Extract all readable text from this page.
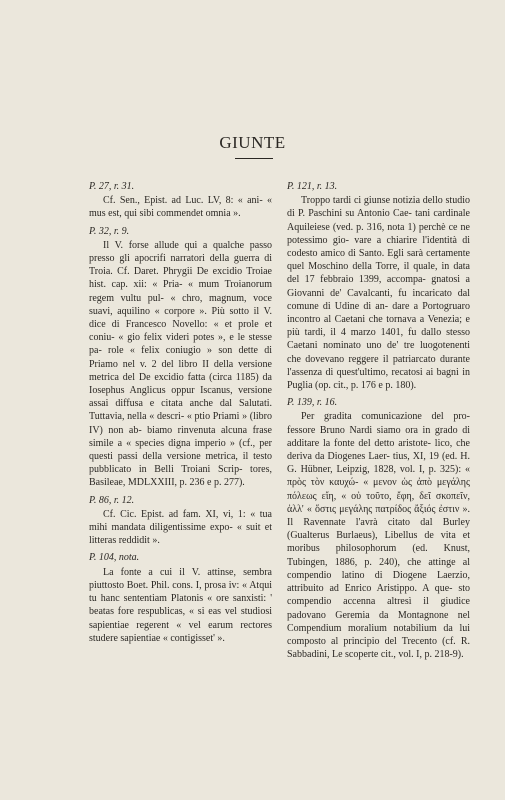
GIUNTE

P. 27, r. 31.

Cf. Sen., Epist. ad Luc. LV, 8: « ani- « mus est, qui sibi commendet omnia ».

P. 32, r. 9.

Il V. forse allude qui a qualche passo presso gli apocrifi narratori della guerra di Troia. Cf. Daret. Phrygii De excidio Troiae hist. cap. xii: « Pria- « mum Troianorum regem vultu pul- « chro, magnum, voce suavi, aquilino « corpore ». Più sotto il V. dice di Francesco Novello: « et prole et coniu- « gio felix videri potes », e le stesse pa- role « felix coniugio » son dette di Priamo nel v. 2 del libro II della versione metrica del De excidio fatta (circa 1185) da Iosephus Anglicus oppur Iscanus, versione assai diffusa e citata anche dal Salutati. Tuttavia, nella « descri- « ptio Priami » (libro IV) non ab- biamo rinvenuta alcuna frase simile a « species digna imperio » (cf., per questi passi della versione metrica, il testo pubblicato in Belli Troiani Scrip- tores, Basileae, MDLXXIII, p. 236 e p. 277).

P. 86, r. 12.

Cf. Cic. Epist. ad fam. XI, vi, 1: « tua mihi mandata diligentissime expo- « suit et litteras reddidit ».

P. 104, nota.

La fonte a cui il V. attinse, sembra piuttosto Boet. Phil. cons. I, prosa iv: « Atqui tu hanc sententiam Platonis « ore sanxisti: ' beatas fore respublicas, « si eas vel studiosi sapientiae regerent « vel earum rectores studere sapientiae « contigisset' ».

P. 121, r. 13.

Troppo tardi ci giunse notizia dello studio di P. Paschini su Antonio Cae- tani cardinale Aquileiese (ved. p. 316, nota 1) perchè ce ne potessimo gio- vare a chiarire l'identità di codesto amico di Santo. Egli sarà certamente quel Moschino della Torre, il quale, in data del 17 febbraio 1399, accompa- gnatosi a Giovanni de' Cavalcanti, fu incaricato dal comune di Udine di an- dare a Portogruaro incontro al Caetani che tornava a Venezia; e più tardi, il 4 marzo 1401, fu dallo stesso Caetani nominato uno de' tre luogotenenti che dovevano reggere il patriarcato durante l'assenza di quest'ultimo, recatosi ai bagni in Puglia (op. cit., p. 176 e p. 180).

P. 139, r. 16.

Per gradita comunicazione del pro- fessore Bruno Nardi siamo ora in grado di additare la fonte del detto aristote- lico, che deriva da Diogenes Laer- tius, XI, 19 (ed. H. G. Hübner, Leipzig, 1828, vol. I, p. 325): « πρὸς τὸν καυχώ- « μενον ὡς ἀπὸ μεγάλης πόλεως εἴη, « οὐ τοῦτο, ἔφη, δεῖ σκοπεῖν, ἀλλ' « ὅστις μεγάλης πατρίδος ἄξιός ἐστιν ». Il Ravennate l'avrà citato dal Burley (Gualterus Burlaeus), Libellus de vita et moribus philosophorum (ed. Knust, Tubingen, 1886, p. 240), che attinge al compendio latino di Diogene Laerzio, attribuito ad Enrico Aristippo. A que- sto compendio accenna altresì il giudice padovano Geremia da Montagnone nel Compendium moralium notabilium da lui composto al principio del Trecento (cf. R. Sabbadini, Le scoperte cit., vol. I, p. 218-9).
